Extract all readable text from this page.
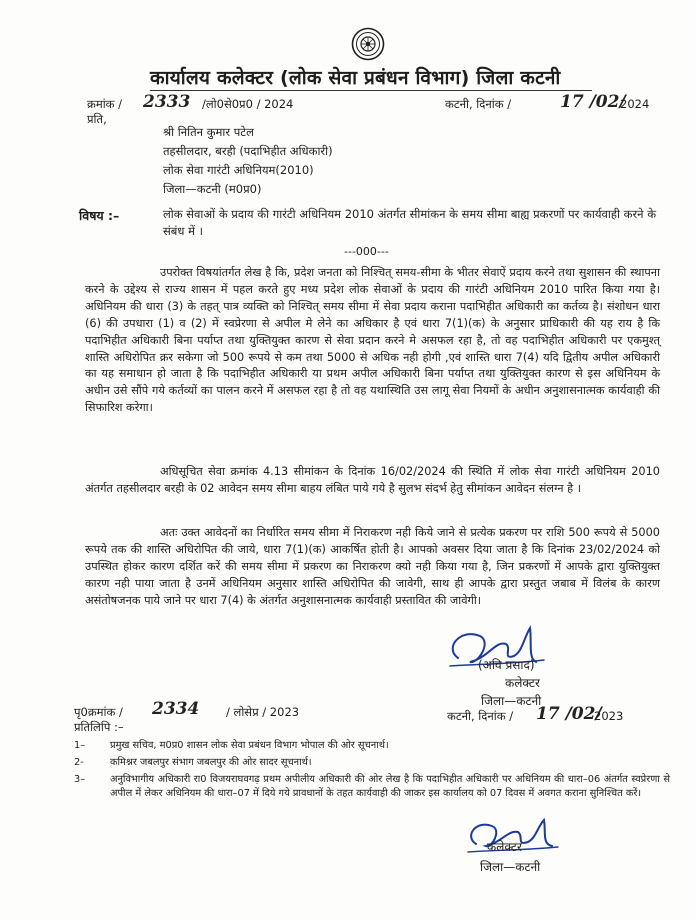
कार्यालय कलेक्टर (लोक सेवा प्रबंधन विभाग) जिला कटनी
क्रमांक / 2333 /लो0से0प्र0 / 2024
प्रति,
कटनी, दिनांक /	17 /02/
2024
श्री नितिन कुमार पटेल
तहसीलदार, बरही (पदाभिहीत अधिकारी)
लोक सेवा गारंटी अधिनियम(2010)
जिला—कटनी (म0प्र0)
विषय :–	लोक सेवाओं के प्रदाय की गारंटी अधिनियम 2010 अंतर्गत सीमांकन के समय सीमा बाह्य प्रकरणों पर कार्यवाही करने के संबंध में ।
---000---
उपरोक्त विषयांतर्गत लेख है कि, प्रदेश जनता को निश्चित् समय-सीमा के भीतर सेवाऐं प्रदाय करने तथा सुशासन की स्थापना करने के उद्देश्य से राज्य शासन में पहल करते हुए मध्य प्रदेश लोक सेवाओं के प्रदाय की गारंटी अधिनियम 2010 पारित किया गया है। अधिनियम की धारा (3) के तहत् पात्र व्यक्ति को निश्चित् समय सीमा में सेवा प्रदाय कराना पदाभिहीत अधिकारी का कर्तव्य है। संशोधन धारा (6) की उपधारा (1) व (2) में स्वप्रेरणा से अपील मे लेने का अधिकार है एवं धारा 7(1)(क) के अनुसार प्राधिकारी की यह राय है कि पदाभिहीत अधिकारी बिना पर्याप्त तथा युक्तियुक्त कारण से सेवा प्रदान करने मे असफल रहा है, तो वह पदाभिहीत अधिकारी पर एकमुश्त् शास्ति अधिरोपित क्रर सकेगा जो 500 रूपये से कम तथा 5000 से अधिक नही होगी ,एवं शास्ति धारा 7(4) यदि द्वितीय अपील अधिकारी का यह समाधान हो जाता है कि पदाभिहीत अधिकारी या प्रथम अपील अधिकारी बिना पर्याप्त तथा युक्तियुक्त कारण से इस अधिनियम के अधीन उसे सौंपे गये कर्तव्यों का पालन करने में असफल रहा है तो वह यथास्थिति उस लागू सेवा नियमों के अधीन अनुशासनात्मक कार्यवाही की सिफारिश करेगा।
अधिसूचित सेवा क्रमांक 4.13 सीमांकन के दिनांक 16/02/2024 की स्थिति में लोक सेवा गारंटी अधिनियम 2010 अंतर्गत तहसीलदार बरही के 02 आवेदन समय सीमा बाहय लंबित पाये गये है सुलभ संदर्भ हेतु सीमांकन आवेदन संलग्न है ।
अतः उक्त आवेदनों का निर्धारित समय सीमा में निराकरण नही किये जाने से प्रत्येक प्रकरण पर राशि 500 रूपये से 5000 रूपये तक की शास्ति अधिरोपित की जाये, धारा 7(1)(क) आकर्षित होती है। आपको अवसर दिया जाता है कि दिनांक 23/02/2024 को उपस्थित होकर कारण दर्शित करें की समय सीमा में प्रकरण का निराकरण क्यो नही किया गया है, जिन प्रकरणों में आपके द्वारा युक्तियुक्त कारण नही पाया जाता है उनमें अधिनियम अनुसार शास्ति अधिरोपित की जावेगी, साथ ही आपके द्वारा प्रस्तुत जबाब में विलंब के कारण असंतोषजनक पाये जाने पर धारा 7(4) के अंतर्गत अनुशासनात्मक कार्यवाही प्रस्तावित की जावेगी।
(अवि प्रसाद)
कलेक्टर
जिला—कटनी
पृ0क्रमांक / 2334 / लोसेप्र / 2023
प्रतिलिपि :–
कटनी, दिनांक / 17 /02/
2023
1–	प्रमुख सचिव, म0प्र0 शासन लोक सेवा प्रबंधन विभाग भोपाल की ओर सूचनार्थ।
2-	कमिश्नर जबलपुर संभाग जबलपुर की ओर सादर सूचनार्थ।
3–	अनुविभागीय अधिकारी रा0 विजयराघवगढ़ प्रथम अपीलीय अधिकारी की ओर लेख है कि पदाभिहीत अधिकारी पर अधिनियम की धारा–06 अंतर्गत स्वप्रेरणा से अपील में लेकर अधिनियम की धारा–07 में दिये गये प्रावधानों के तहत कार्यवाही की जाकर इस कार्यालय को 07 दिवस में अवगत कराना सुनिश्चित करें।
कलेक्टर
जिला—कटनी
